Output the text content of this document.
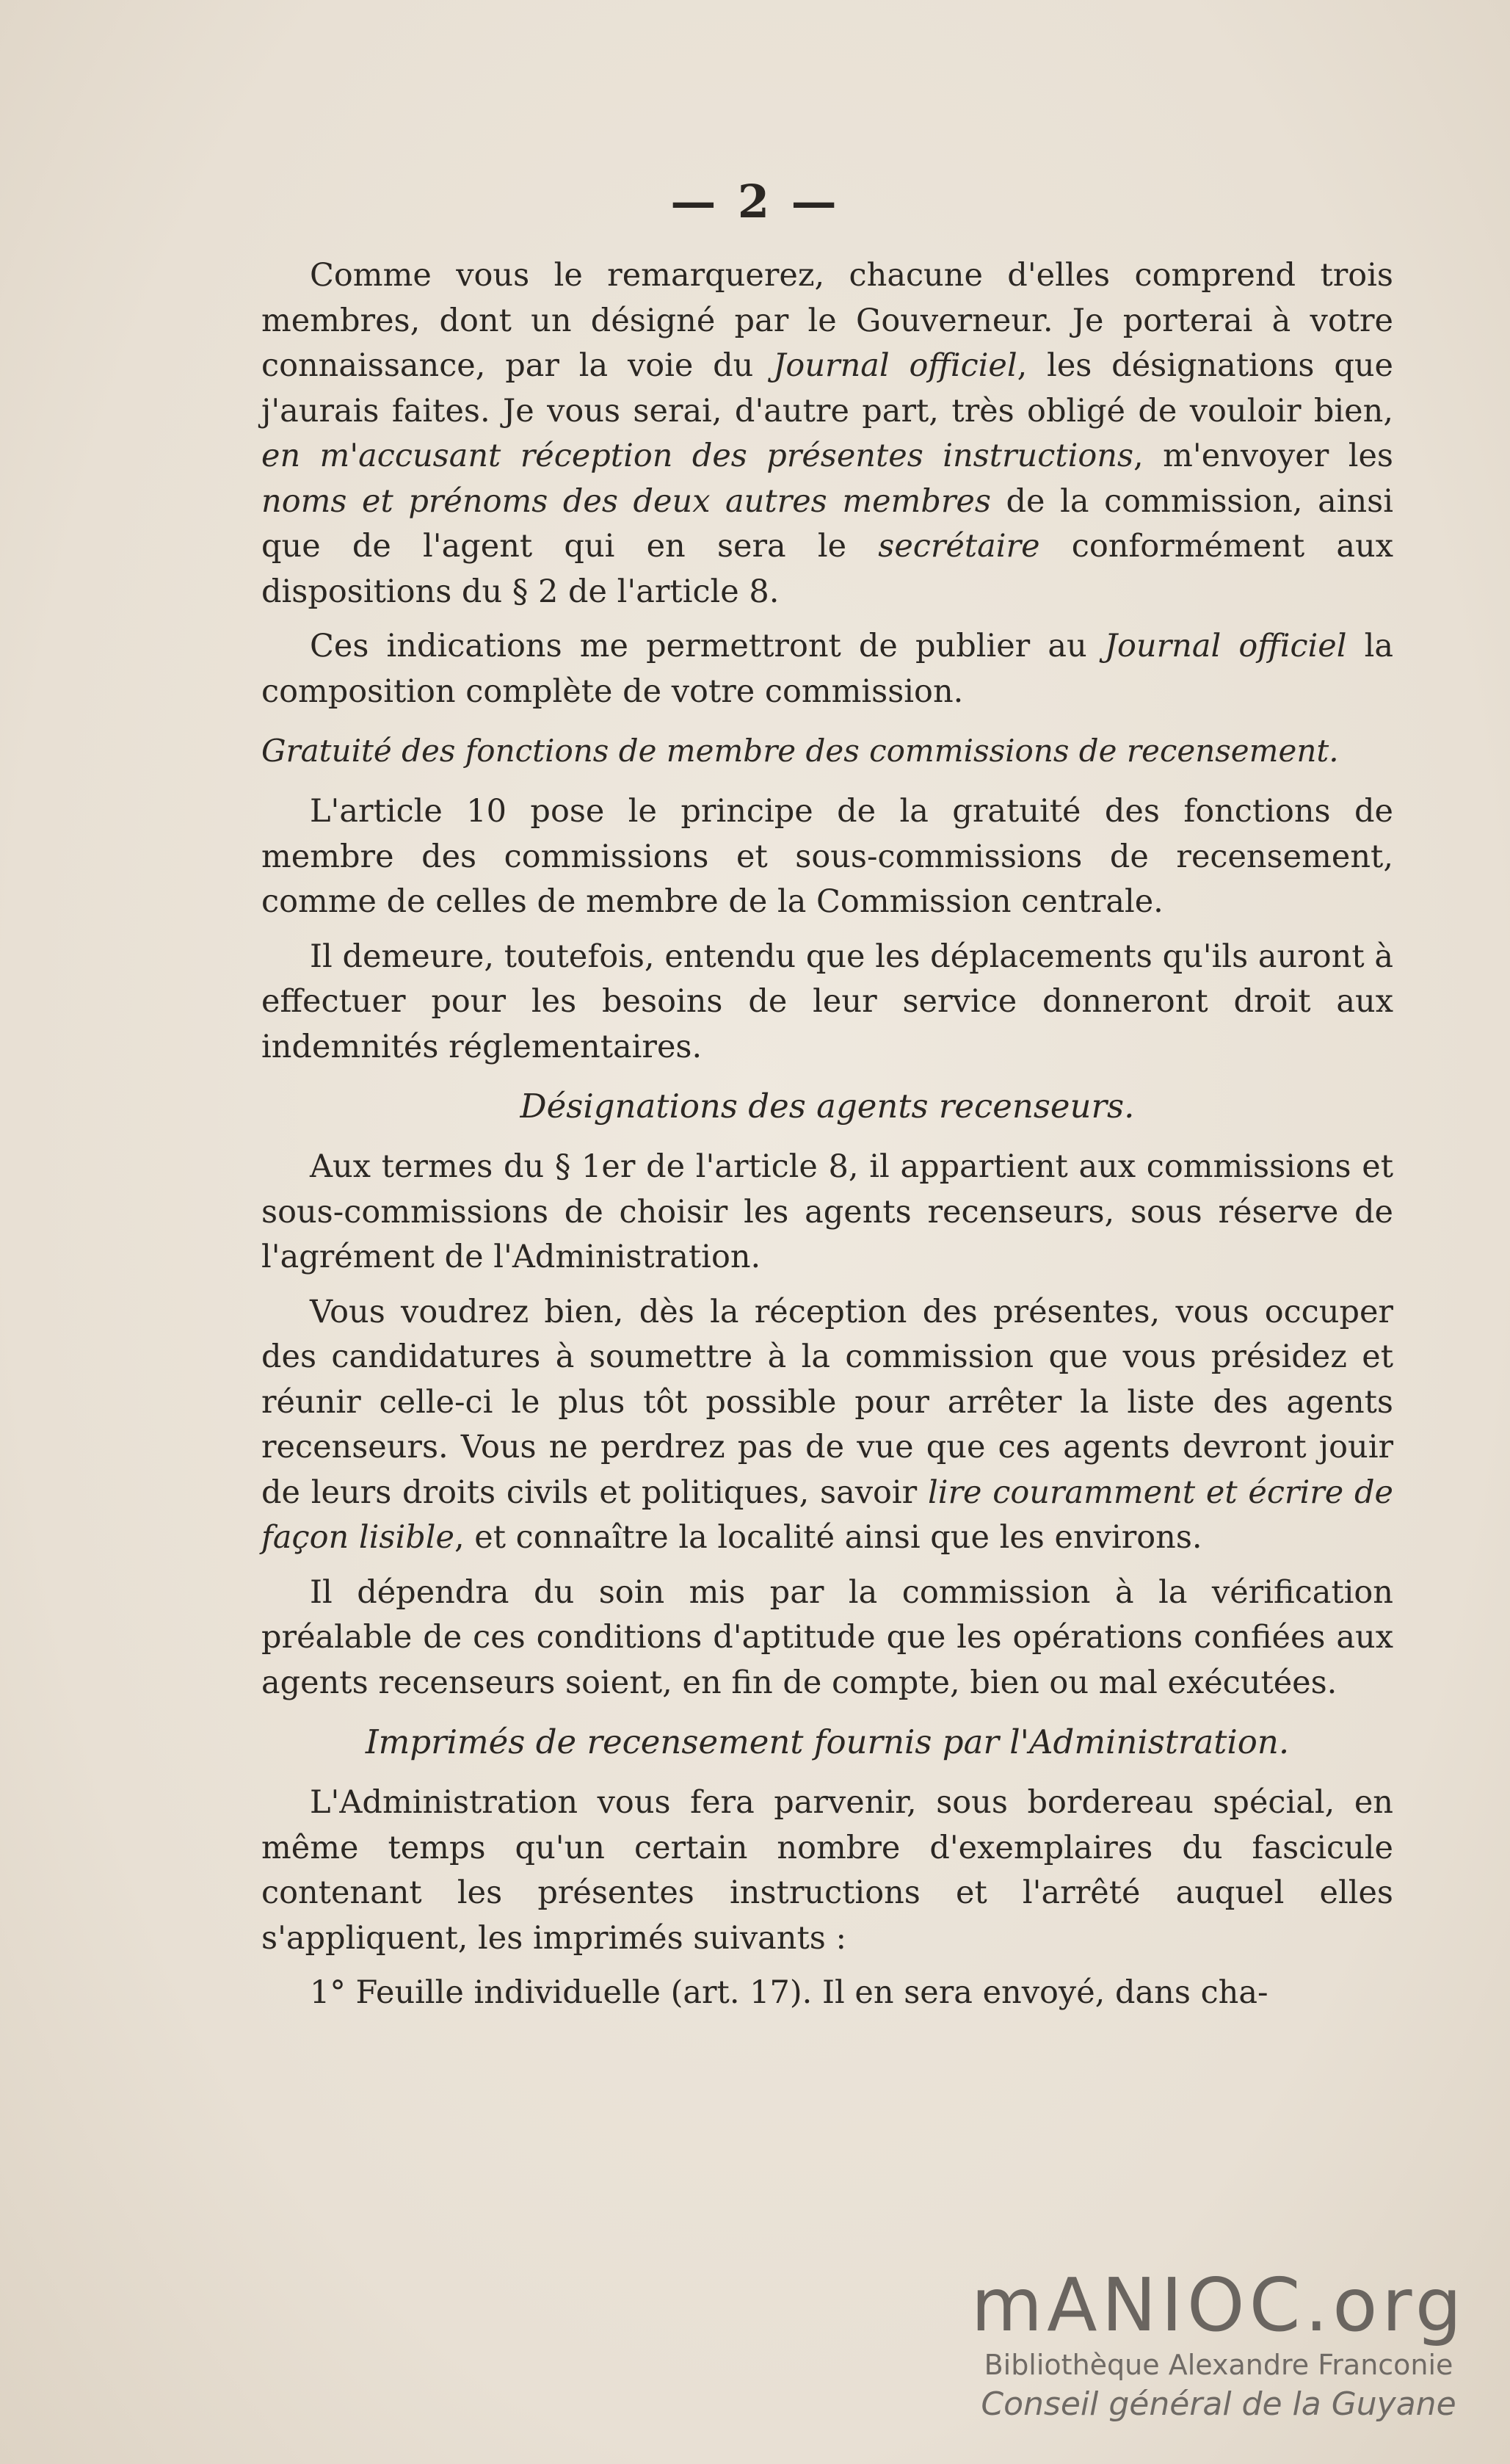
— 2 —

Comme vous le remarquerez, chacune d'elles comprend trois membres, dont un désigné par le Gouverneur. Je porterai à votre connaissance, par la voie du Journal officiel, les désignations que j'aurais faites. Je vous serai, d'autre part, très obligé de vouloir bien, en m'accusant réception des présentes instructions, m'envoyer les noms et prénoms des deux autres membres de la commission, ainsi que de l'agent qui en sera le secrétaire conformément aux dispositions du § 2 de l'article 8.

Ces indications me permettront de publier au Journal officiel la composition complète de votre commission.

Gratuité des fonctions de membre des commissions de recensement.

L'article 10 pose le principe de la gratuité des fonctions de membre des commissions et sous-commissions de recensement, comme de celles de membre de la Commission centrale.

Il demeure, toutefois, entendu que les déplacements qu'ils auront à effectuer pour les besoins de leur service donneront droit aux indemnités réglementaires.

Désignations des agents recenseurs.

Aux termes du § 1er de l'article 8, il appartient aux commissions et sous-commissions de choisir les agents recenseurs, sous réserve de l'agrément de l'Administration.

Vous voudrez bien, dès la réception des présentes, vous occuper des candidatures à soumettre à la commission que vous présidez et réunir celle-ci le plus tôt possible pour arrêter la liste des agents recenseurs. Vous ne perdrez pas de vue que ces agents devront jouir de leurs droits civils et politiques, savoir lire couramment et écrire de façon lisible, et connaître la localité ainsi que les environs.

Il dépendra du soin mis par la commission à la vérification préalable de ces conditions d'aptitude que les opérations confiées aux agents recenseurs soient, en fin de compte, bien ou mal exécutées.

Imprimés de recensement fournis par l'Administration.

L'Administration vous fera parvenir, sous bordereau spécial, en même temps qu'un certain nombre d'exemplaires du fascicule contenant les présentes instructions et l'arrêté auquel elles s'appliquent, les imprimés suivants :

1° Feuille individuelle (art. 17). Il en sera envoyé, dans cha-

mANIOC.org
Bibliothèque Alexandre Franconie
Conseil général de la Guyane
